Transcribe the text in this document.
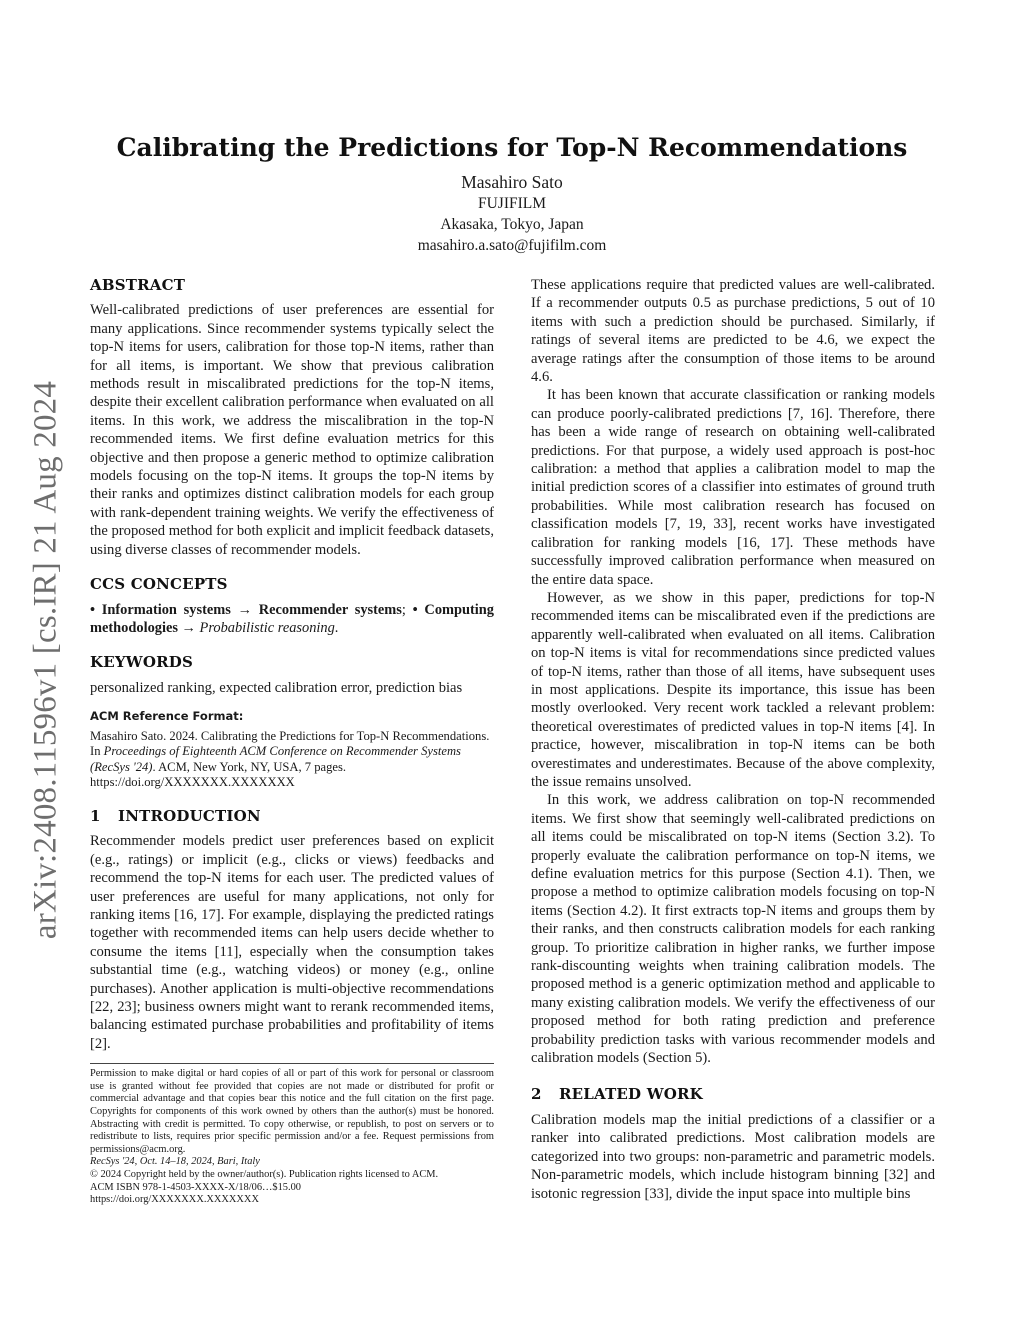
arXiv:2408.11596v1 [cs.IR] 21 Aug 2024
Calibrating the Predictions for Top-N Recommendations
Masahiro Sato
FUJIFILM
Akasaka, Tokyo, Japan
masahiro.a.sato@fujifilm.com
ABSTRACT

Well-calibrated predictions of user preferences are essential for many applications. Since recommender systems typically select the top-N items for users, calibration for those top-N items, rather than for all items, is important. We show that previous calibration methods result in miscalibrated predictions for the top-N items, despite their excellent calibration performance when evaluated on all items. In this work, we address the miscalibration in the top-N recommended items. We first define evaluation metrics for this objective and then propose a generic method to optimize calibration models focusing on the top-N items. It groups the top-N items by their ranks and optimizes distinct calibration models for each group with rank-dependent training weights. We verify the effectiveness of the proposed method for both explicit and implicit feedback datasets, using diverse classes of recommender models.

CCS CONCEPTS

• Information systems → Recommender systems; • Computing methodologies → Probabilistic reasoning.

KEYWORDS

personalized ranking, expected calibration error, prediction bias

ACM Reference Format:

Masahiro Sato. 2024. Calibrating the Predictions for Top-N Recommendations. In Proceedings of Eighteenth ACM Conference on Recommender Systems (RecSys '24). ACM, New York, NY, USA, 7 pages. https://doi.org/XXXXXXX.XXXXXXX

1 INTRODUCTION

Recommender models predict user preferences based on explicit (e.g., ratings) or implicit (e.g., clicks or views) feedbacks and recommend the top-N items for each user. The predicted values of user preferences are useful for many applications, not only for ranking items [16, 17]. For example, displaying the predicted ratings together with recommended items can help users decide whether to consume the items [11], especially when the consumption takes substantial time (e.g., watching videos) or money (e.g., online purchases). Another application is multi-objective recommendations [22, 23]; business owners might want to rerank recommended items, balancing estimated purchase probabilities and profitability of items [2].

Permission to make digital or hard copies of all or part of this work for personal or classroom use is granted without fee provided that copies are not made or distributed for profit or commercial advantage and that copies bear this notice and the full citation on the first page. Copyrights for components of this work owned by others than the author(s) must be honored. Abstracting with credit is permitted. To copy otherwise, or republish, to post on servers or to redistribute to lists, requires prior specific permission and/or a fee. Request permissions from permissions@acm.org.

RecSys '24, Oct. 14–18, 2024, Bari, Italy
© 2024 Copyright held by the owner/author(s). Publication rights licensed to ACM.
ACM ISBN 978-1-4503-XXXX-X/18/06…$15.00
https://doi.org/XXXXXXX.XXXXXXX

These applications require that predicted values are well-calibrated. If a recommender outputs 0.5 as purchase predictions, 5 out of 10 items with such a prediction should be purchased. Similarly, if ratings of several items are predicted to be 4.6, we expect the average ratings after the consumption of those items to be around 4.6.

It has been known that accurate classification or ranking models can produce poorly-calibrated predictions [7, 16]. Therefore, there has been a wide range of research on obtaining well-calibrated predictions. For that purpose, a widely used approach is post-hoc calibration: a method that applies a calibration model to map the initial prediction scores of a classifier into estimates of ground truth probabilities. While most calibration research has focused on classification models [7, 19, 33], recent works have investigated calibration for ranking models [16, 17]. These methods have successfully improved calibration performance when measured on the entire data space.

However, as we show in this paper, predictions for top-N recommended items can be miscalibrated even if the predictions are apparently well-calibrated when evaluated on all items. Calibration on top-N items is vital for recommendations since predicted values of top-N items, rather than those of all items, have subsequent uses in most applications. Despite its importance, this issue has been mostly overlooked. Very recent work tackled a relevant problem: theoretical overestimates of predicted values in top-N items [4]. In practice, however, miscalibration in top-N items can be both overestimates and underestimates. Because of the above complexity, the issue remains unsolved.

In this work, we address calibration on top-N recommended items. We first show that seemingly well-calibrated predictions on all items could be miscalibrated on top-N items (Section 3.2). To properly evaluate the calibration performance on top-N items, we define evaluation metrics for this purpose (Section 4.1). Then, we propose a method to optimize calibration models focusing on top-N items (Section 4.2). It first extracts top-N items and groups them by their ranks, and then constructs calibration models for each ranking group. To prioritize calibration in higher ranks, we further impose rank-discounting weights when training calibration models. The proposed method is a generic optimization method and applicable to many existing calibration models. We verify the effectiveness of our proposed method for both rating prediction and preference probability prediction tasks with various recommender models and calibration models (Section 5).

2 RELATED WORK

Calibration models map the initial predictions of a classifier or a ranker into calibrated predictions. Most calibration models are categorized into two groups: non-parametric and parametric models. Non-parametric models, which include histogram binning [32] and isotonic regression [33], divide the input space into multiple bins
